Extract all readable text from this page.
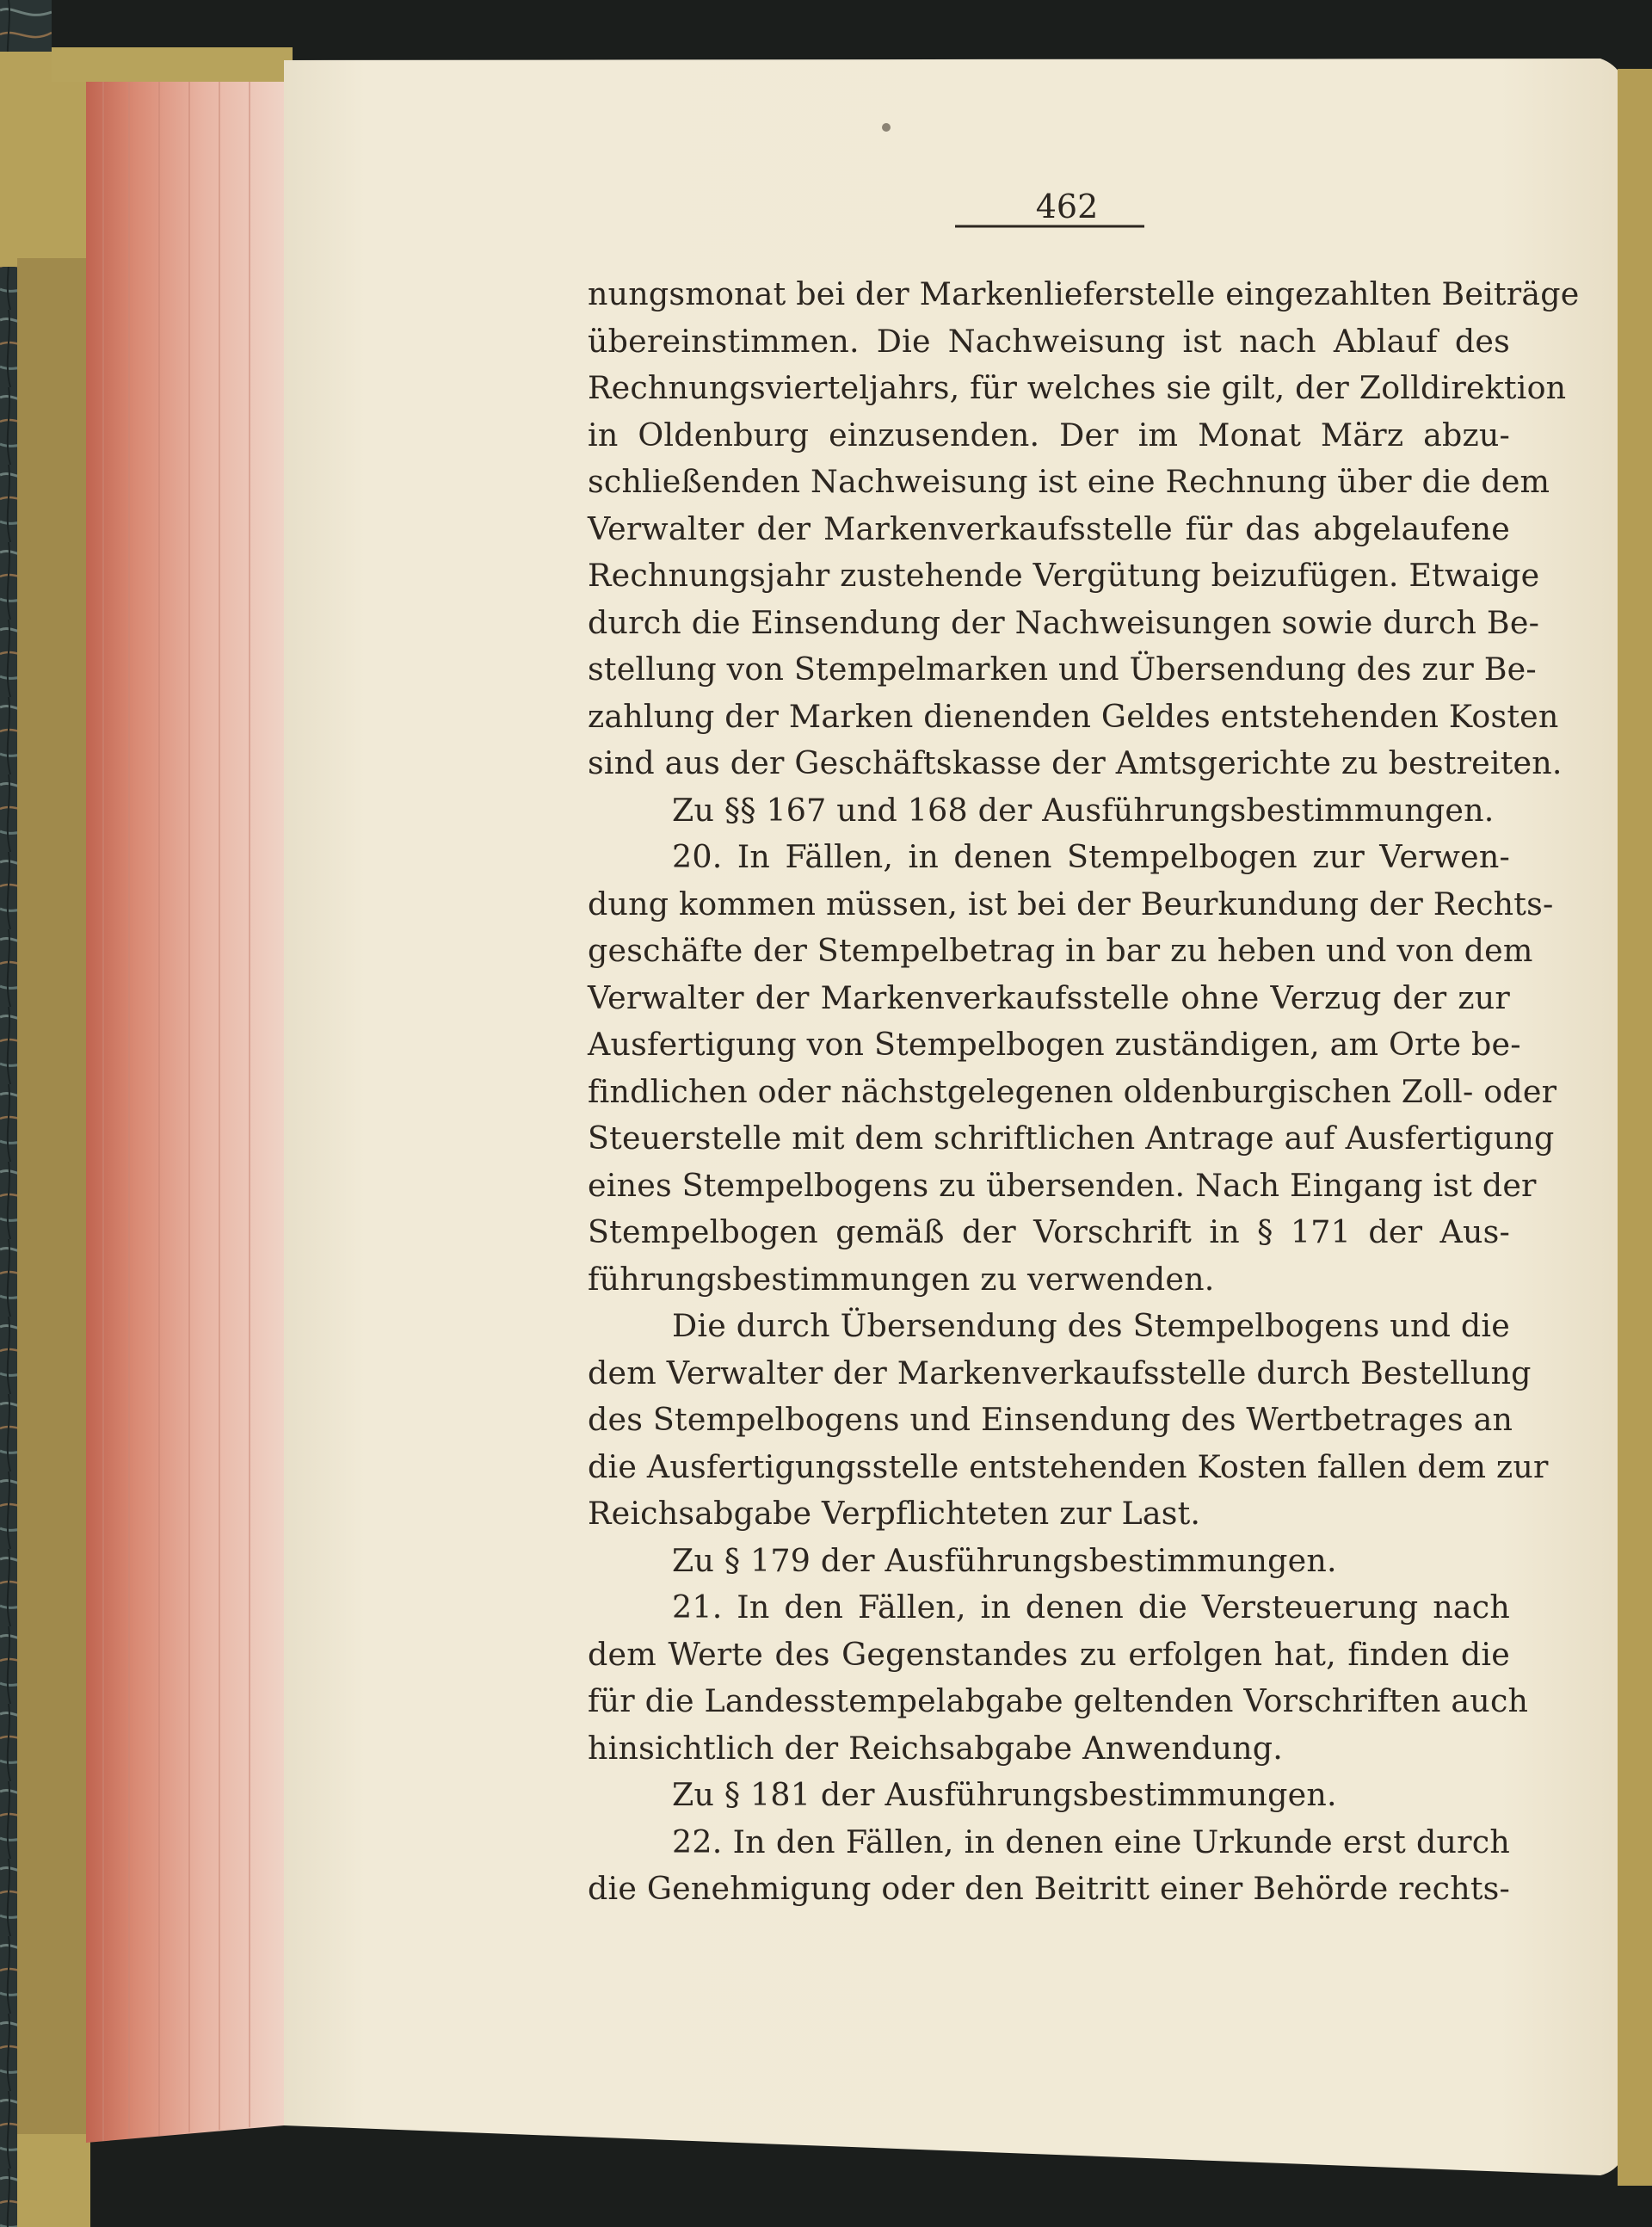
462
nungsmonat bei der Markenlieferstelle eingezahlten Beiträge
übereinstimmen. Die Nachweisung ist nach Ablauf des
Rechnungsvierteljahrs, für welches sie gilt, der Zolldirektion
in Oldenburg einzusenden. Der im Monat März abzu-
schließenden Nachweisung ist eine Rechnung über die dem
Verwalter der Markenverkaufsstelle für das abgelaufene
Rechnungsjahr zustehende Vergütung beizufügen. Etwaige
durch die Einsendung der Nachweisungen sowie durch Be-
stellung von Stempelmarken und Übersendung des zur Be-
zahlung der Marken dienenden Geldes entstehenden Kosten
sind aus der Geschäftskasse der Amtsgerichte zu bestreiten.
Zu §§ 167 und 168 der Ausführungsbestimmungen.
20. In Fällen, in denen Stempelbogen zur Verwen-
dung kommen müssen, ist bei der Beurkundung der Rechts-
geschäfte der Stempelbetrag in bar zu heben und von dem
Verwalter der Markenverkaufsstelle ohne Verzug der zur
Ausfertigung von Stempelbogen zuständigen, am Orte be-
findlichen oder nächstgelegenen oldenburgischen Zoll- oder
Steuerstelle mit dem schriftlichen Antrage auf Ausfertigung
eines Stempelbogens zu übersenden. Nach Eingang ist der
Stempelbogen gemäß der Vorschrift in § 171 der Aus-
führungsbestimmungen zu verwenden.
Die durch Übersendung des Stempelbogens und die
dem Verwalter der Markenverkaufsstelle durch Bestellung
des Stempelbogens und Einsendung des Wertbetrages an
die Ausfertigungsstelle entstehenden Kosten fallen dem zur
Reichsabgabe Verpflichteten zur Last.
Zu § 179 der Ausführungsbestimmungen.
21. In den Fällen, in denen die Versteuerung nach
dem Werte des Gegenstandes zu erfolgen hat, finden die
für die Landesstempelabgabe geltenden Vorschriften auch
hinsichtlich der Reichsabgabe Anwendung.
Zu § 181 der Ausführungsbestimmungen.
22. In den Fällen, in denen eine Urkunde erst durch
die Genehmigung oder den Beitritt einer Behörde rechts-
